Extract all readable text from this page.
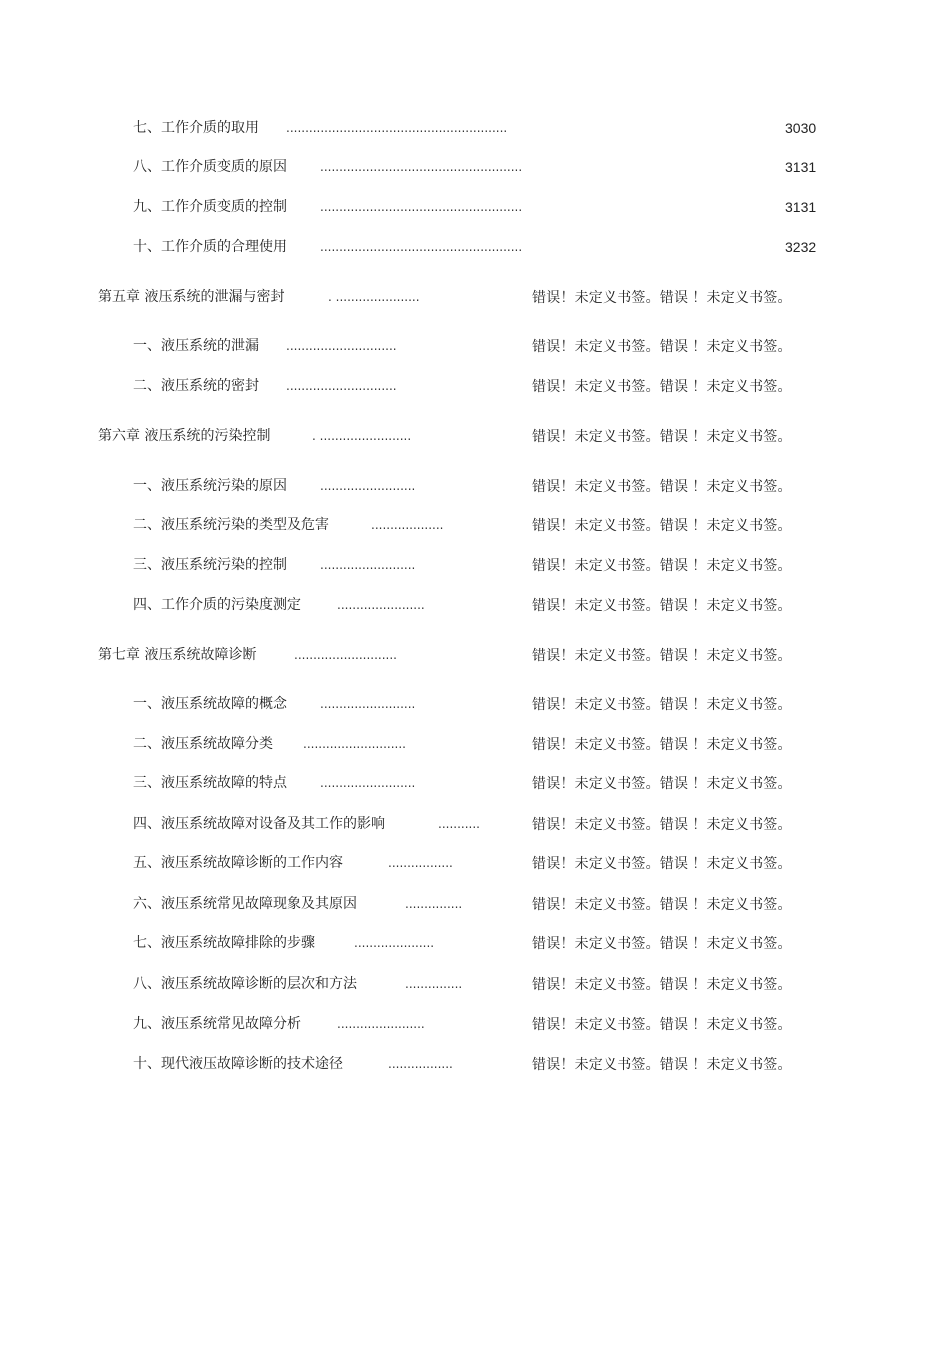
七、工作介质的取用 ..........................................................	3030
八、工作介质变质的原因	.....................................................	3131
九、工作介质变质的控制	.....................................................	3131
十、工作介质的合理使用	.....................................................	3232
第五章 液压系统的泄漏与密封	. ......................	错误！未定义书签。错误 ！未定义书签。
一、液压系统的泄漏 .............................	错误！未定义书签。错误 ！未定义书签。
二、液压系统的密封 .............................	错误！未定义书签。错误 ！未定义书签。
第六章 液压系统的污染控制	. ........................	错误！未定义书签。错误 ！未定义书签。
一、液压系统污染的原因	.........................	错误！未定义书签。错误 ！未定义书签。
二、液压系统污染的类型及危害	...................	错误！未定义书签。错误 ！未定义书签。
三、液压系统污染的控制	.........................	错误！未定义书签。错误 ！未定义书签。
四、工作介质的污染度测定	.......................	错误！未定义书签。错误 ！未定义书签。
第七章 液压系统故障诊断	...........................	错误！未定义书签。错误 ！未定义书签。
一、液压系统故障的概念	.........................	错误！未定义书签。错误 ！未定义书签。
二、液压系统故障分类	...........................	错误！未定义书签。错误 ！未定义书签。
三、液压系统故障的特点	.........................	错误！未定义书签。错误 ！未定义书签。
四、液压系统故障对设备及其工作的影响	...........	错误！未定义书签。错误 ！未定义书签。
五、液压系统故障诊断的工作内容	.................	错误！未定义书签。错误 ！未定义书签。
六、液压系统常见故障现象及其原因	...............	错误！未定义书签。错误 ！未定义书签。
七、液压系统故障排除的步骤	.....................	错误！未定义书签。错误 ！未定义书签。
八、液压系统故障诊断的层次和方法	...............	错误！未定义书签。错误 ！未定义书签。
九、液压系统常见故障分析	.......................	错误！未定义书签。错误 ！未定义书签。
十、现代液压故障诊断的技术途径	.................	错误！未定义书签。错误 ！未定义书签。
